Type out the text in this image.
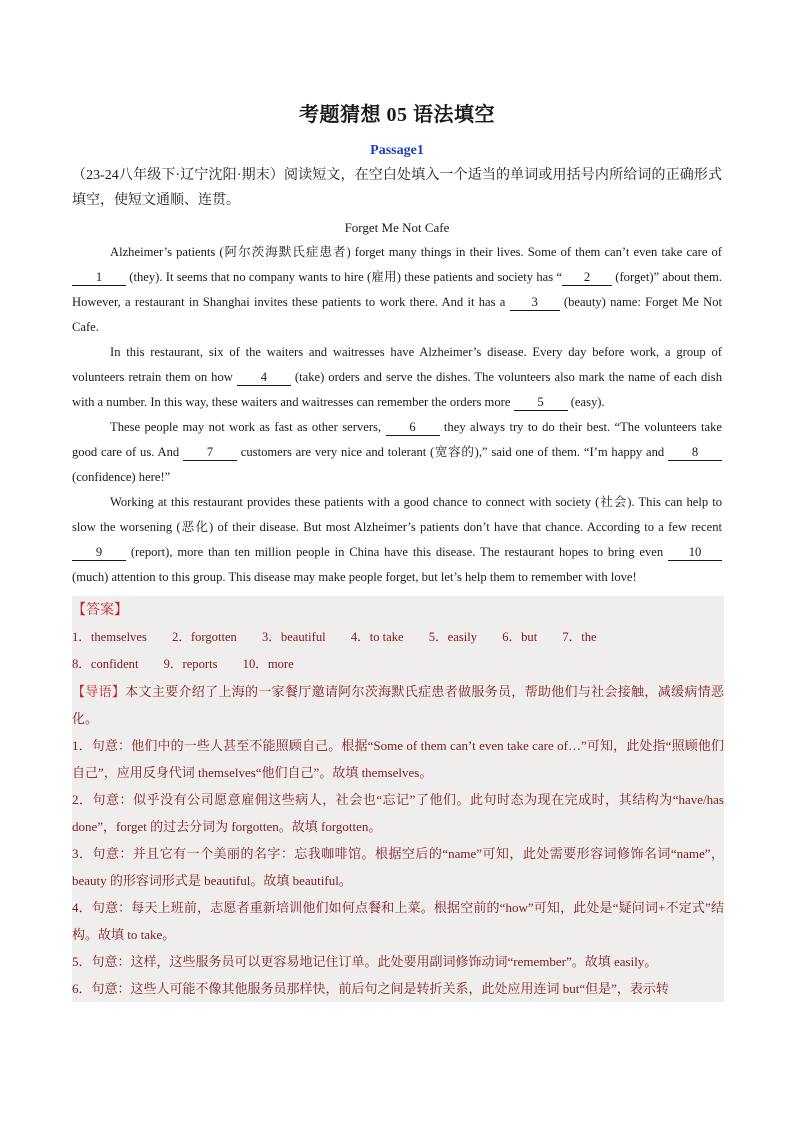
考题猜想 05 语法填空
Passage1

（23-24八年级下·辽宁沈阳·期末）阅读短文，在空白处填入一个适当的单词或用括号内所给词的正确形式填空，使短文通顺、连贯。

Forget Me Not Cafe

Alzheimer’s patients (阿尔茨海默氏症患者) forget many things in their lives. Some of them can’t even take care of 1 (they). It seems that no company wants to hire (雇用) these patients and society has “ 2 (forget)” about them. However, a restaurant in Shanghai invites these patients to work there. And it has a 3 (beauty) name: Forget Me Not Cafe.

In this restaurant, six of the waiters and waitresses have Alzheimer’s disease. Every day before work, a group of volunteers retrain them on how 4 (take) orders and serve the dishes. The volunteers also mark the name of each dish with a number. In this way, these waiters and waitresses can remember the orders more 5 (easy).

These people may not work as fast as other servers, 6 they always try to do their best. “The volunteers take good care of us. And 7 customers are very nice and tolerant (宽容的),” said one of them. “I’m happy and 8 (confidence) here!”

Working at this restaurant provides these patients with a good chance to connect with society (社会). This can help to slow the worsening (恶化) of their disease. But most Alzheimer’s patients don’t have that chance. According to a few recent 9 (report), more than ten million people in China have this disease. The restaurant hopes to bring even 10 (much) attention to this group. This disease may make people forget, but let’s help them to remember with love!

【答案】
1．themselves 2．forgotten 3．beautiful 4．to take 5．easily 6．but 7．the
8．confident 9．reports 10．more

【导语】本文主要介绍了上海的一家餐厅邀请阿尔茨海默氏症患者做服务员，帮助他们与社会接触，减缓病情恶化。

1．句意：他们中的一些人甚至不能照顾自己。根据“Some of them can’t even take care of…”可知，此处指“照顾他们自己”，应用反身代词 themselves“他们自己”。故填 themselves。

2．句意：似乎没有公司愿意雇佣这些病人，社会也“忘记”了他们。此句时态为现在完成时，其结构为“have/has done”，forget 的过去分词为 forgotten。故填 forgotten。

3．句意：并且它有一个美丽的名字：忘我咖啡馆。根据空后的“name”可知，此处需要形容词修饰名词“name”，beauty 的形容词形式是 beautiful。故填 beautiful。

4．句意：每天上班前，志愿者重新培训他们如何点餐和上菜。根据空前的“how”可知，此处是“疑问词+不定式”结构。故填 to take。

5．句意：这样，这些服务员可以更容易地记住订单。此处要用副词修饰动词“remember”。故填 easily。

6．句意：这些人可能不像其他服务员那样快，前后句之间是转折关系，此处应用连词 but“但是”，表示转
